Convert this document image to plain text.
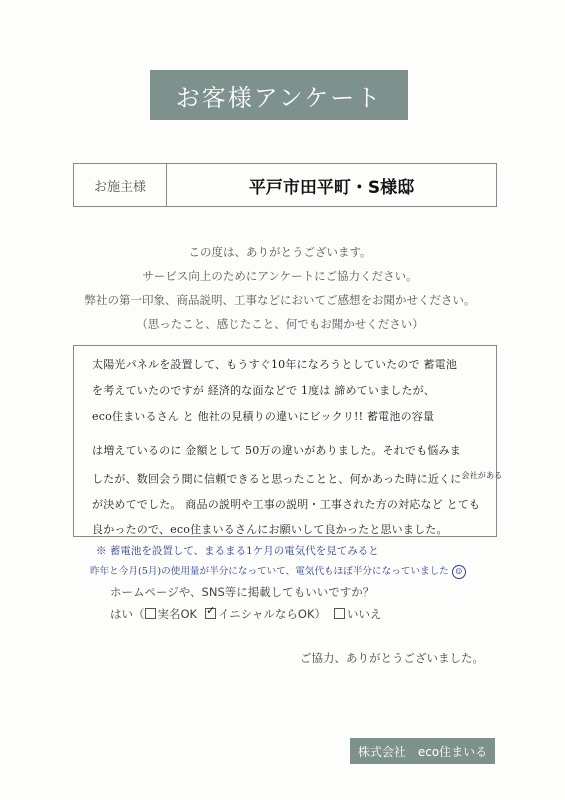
お客様アンケート
お施主様	平戸市田平町・S様邸
この度は、ありがとうございます。
サービス向上のためにアンケートにご協力ください。
弊社の第一印象、商品説明、工事などにおいてご感想をお聞かせください。
（思ったこと、感じたこと、何でもお聞かせください）
太陽光パネルを設置して、もうすぐ10年になろうとしていたので 蓄電池
を考えていたのですが 経済的な面などで 1度は 諦めていましたが、
eco住まいるさん と 他社の見積りの違いにビックリ!! 蓄電池の容量
は増えているのに 金額として 50万の違いがありました。それでも悩みま
したが、数回会う間に信頼できると思ったことと、何かあった時に近くに$^{会社がある}$
が決めてでした。 商品の説明や工事の説明・工事された方の対応など とても
良かったので、eco住まいるさんにお願いして良かったと思いました。
※ 蓄電池を設置して、まるまる1ケ月の電気代を見てみると
昨年と今月(5月)の使用量が半分になっていて、電気代もほぼ半分になっていました ☺
ホームページや、SNS等に掲載してもいいですか？
はい（ 実名OK✓ イニシャルならOK） いいえ
ご協力、ありがとうございました。
株式会社　eco住まいる
